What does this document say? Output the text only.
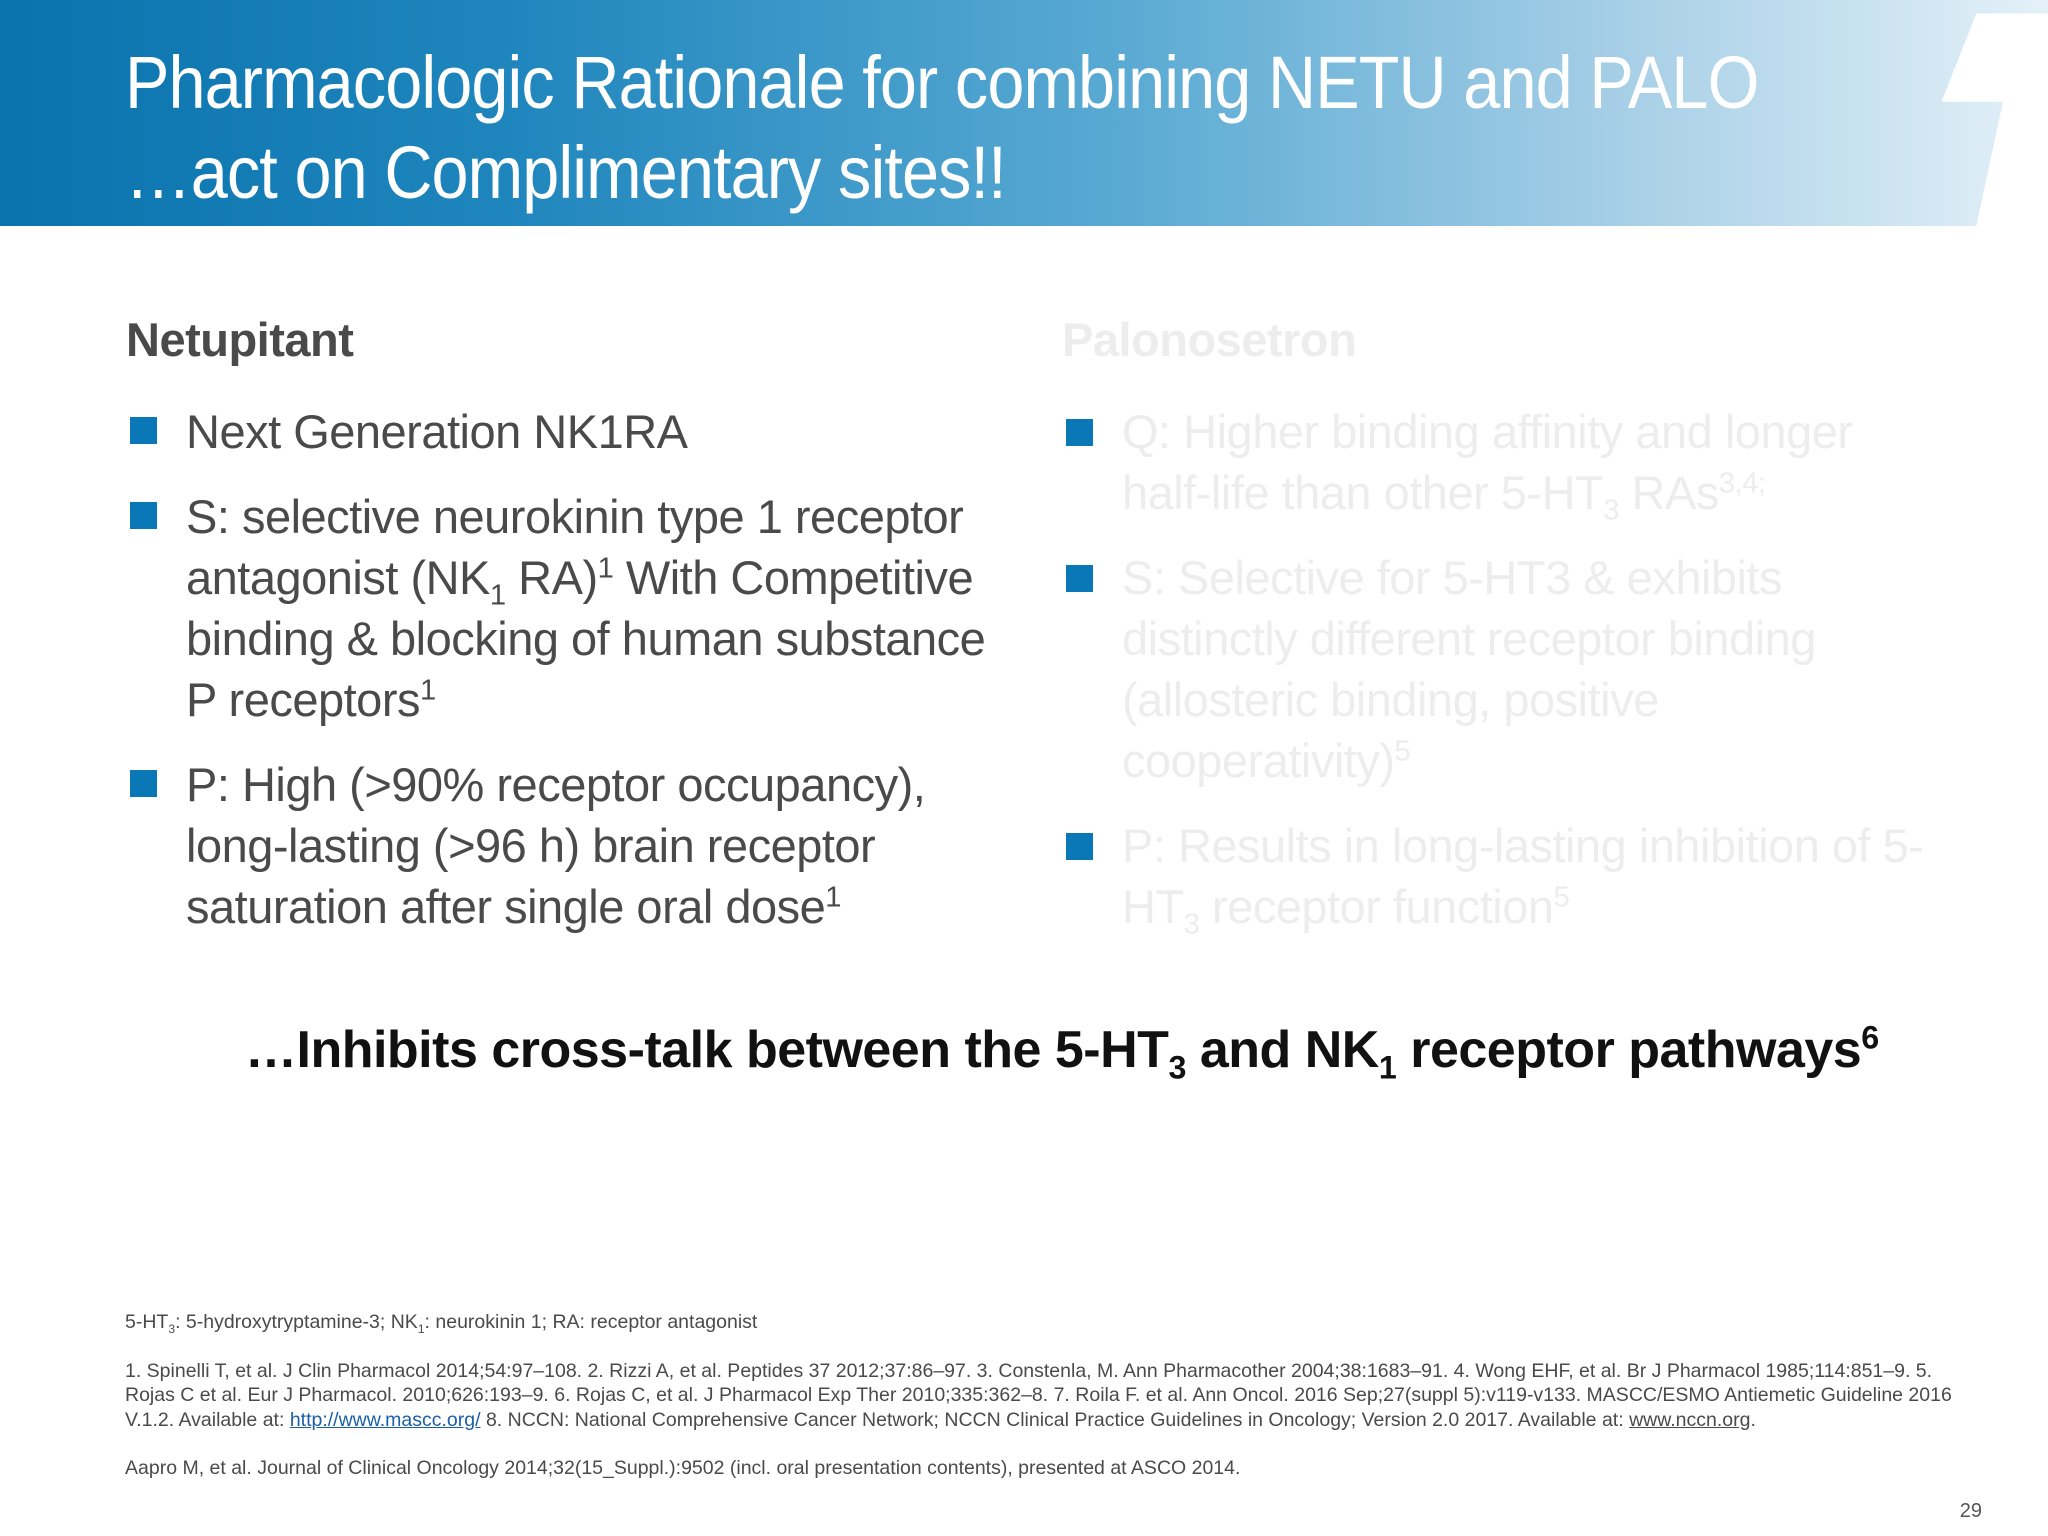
Pharmacologic Rationale for combining NETU and PALO
…act on Complimentary sites!!
Netupitant
Next Generation NK1RA
S: selective neurokinin type 1 receptor antagonist ($NK_1$ RA)$^1$ With Competitive binding & blocking of human substance P receptors$^1$
P: High (>90% receptor occupancy), long-lasting (>96 h) brain receptor saturation after single oral dose$^1$
Palonosetron
Q: Higher binding affinity and longer half-life than other $5-HT_3$ RAs$^{3,4;}$
S: Selective for 5-HT3 & exhibits distinctly different receptor binding (allosteric binding, positive cooperativity)$^5$
P: Results in long-lasting inhibition of $5-HT_3$ receptor function$^5$

…Inhibits cross-talk between the $5-HT_3$ and $NK_1$ receptor pathways$^6$

$5-HT_3$: 5-hydroxytryptamine-3; $NK_1$: neurokinin 1; RA: receptor antagonist

1. Spinelli T, et al. J Clin Pharmacol 2014;54:97–108. 2. Rizzi A, et al. Peptides 37 2012;37:86–97. 3. Constenla, M. Ann Pharmacother 2004;38:1683–91. 4. Wong EHF, et al. Br J Pharmacol 1985;114:851–9. 5. Rojas C et al. Eur J Pharmacol. 2010;626:193–9. 6. Rojas C, et al. J Pharmacol Exp Ther 2010;335:362–8. 7. Roila F. et al. Ann Oncol. 2016 Sep;27(suppl 5):v119-v133. MASCC/ESMO Antiemetic Guideline 2016 V.1.2. Available at: http://www.mascc.org/ 8. NCCN: National Comprehensive Cancer Network; NCCN Clinical Practice Guidelines in Oncology; Version 2.0 2017. Available at: www.nccn.org.

Aapro M, et al. Journal of Clinical Oncology 2014;32(15_Suppl.):9502 (incl. oral presentation contents), presented at ASCO 2014.

29
